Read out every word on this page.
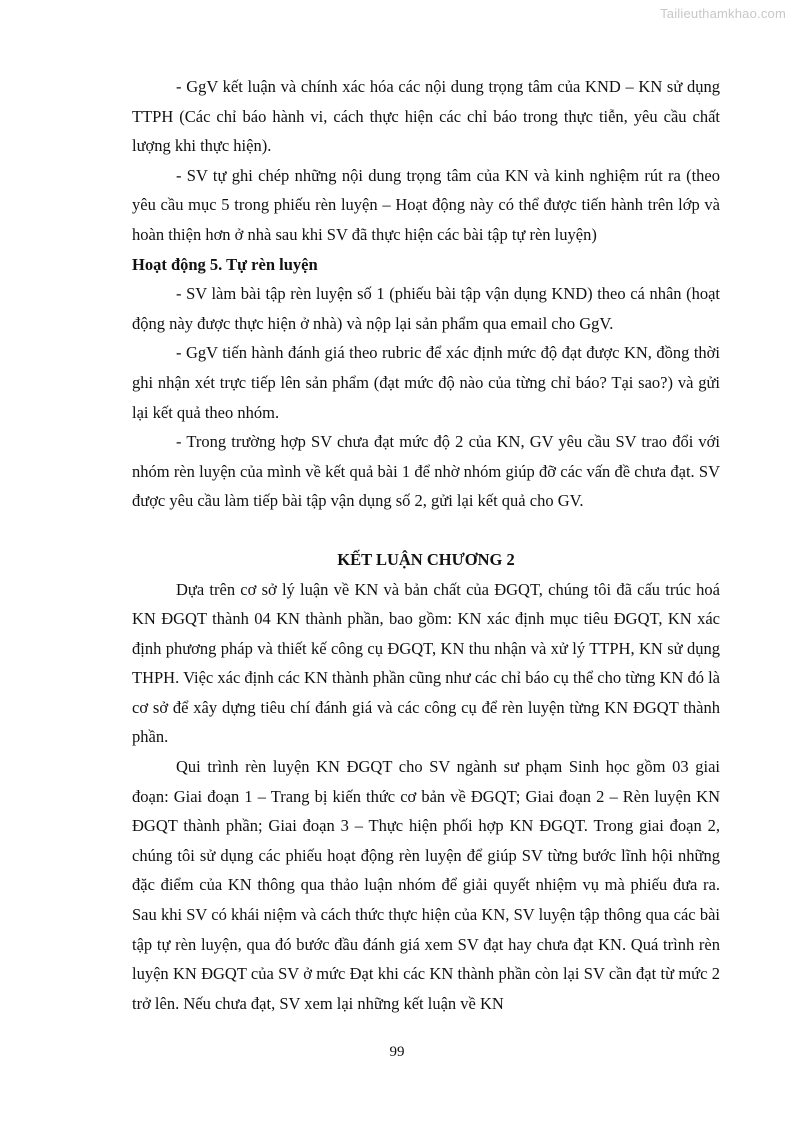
Tailieuthamkhao.com

- GgV kết luận và chính xác hóa các nội dung trọng tâm của KND – KN sử dụng TTPH (Các chỉ báo hành vi, cách thực hiện các chỉ báo trong thực tiễn, yêu cầu chất lượng khi thực hiện).

- SV tự ghi chép những nội dung trọng tâm của KN và kinh nghiệm rút ra (theo yêu cầu mục 5 trong phiếu rèn luyện – Hoạt động này có thể được tiến hành trên lớp và hoàn thiện hơn ở nhà sau khi SV đã thực hiện các bài tập tự rèn luyện)

Hoạt động 5. Tự rèn luyện

- SV làm bài tập rèn luyện số 1 (phiếu bài tập vận dụng KND) theo cá nhân (hoạt động này được thực hiện ở nhà) và nộp lại sản phẩm qua email cho GgV.

- GgV tiến hành đánh giá theo rubric để xác định mức độ đạt được KN, đồng thời ghi nhận xét trực tiếp lên sản phẩm (đạt mức độ nào của từng chỉ báo? Tại sao?) và gửi lại kết quả theo nhóm.

- Trong trường hợp SV chưa đạt mức độ 2 của KN, GV yêu cầu SV trao đổi với nhóm rèn luyện của mình về kết quả bài 1 để nhờ nhóm giúp đỡ các vấn đề chưa đạt. SV được yêu cầu làm tiếp bài tập vận dụng số 2, gửi lại kết quả cho GV.

KẾT LUẬN CHƯƠNG 2

Dựa trên cơ sở lý luận về KN và bản chất của ĐGQT, chúng tôi đã cấu trúc hoá KN ĐGQT thành 04 KN thành phần, bao gồm: KN xác định mục tiêu ĐGQT, KN xác định phương pháp và thiết kế công cụ ĐGQT, KN thu nhận và xử lý TTPH, KN sử dụng THPH. Việc xác định các KN thành phần cũng như các chỉ báo cụ thể cho từng KN đó là cơ sở để xây dựng tiêu chí đánh giá và các công cụ để rèn luyện từng KN ĐGQT thành phần.

Qui trình rèn luyện KN ĐGQT cho SV ngành sư phạm Sinh học gồm 03 giai đoạn: Giai đoạn 1 – Trang bị kiến thức cơ bản về ĐGQT; Giai đoạn 2 – Rèn luyện KN ĐGQT thành phần; Giai đoạn 3 – Thực hiện phối hợp KN ĐGQT. Trong giai đoạn 2, chúng tôi sử dụng các phiếu hoạt động rèn luyện để giúp SV từng bước lĩnh hội những đặc điểm của KN thông qua thảo luận nhóm để giải quyết nhiệm vụ mà phiếu đưa ra. Sau khi SV có khái niệm và cách thức thực hiện của KN, SV luyện tập thông qua các bài tập tự rèn luyện, qua đó bước đầu đánh giá xem SV đạt hay chưa đạt KN. Quá trình rèn luyện KN ĐGQT của SV ở mức Đạt khi các KN thành phần còn lại SV cần đạt từ mức 2 trở lên. Nếu chưa đạt, SV xem lại những kết luận về KN

99
